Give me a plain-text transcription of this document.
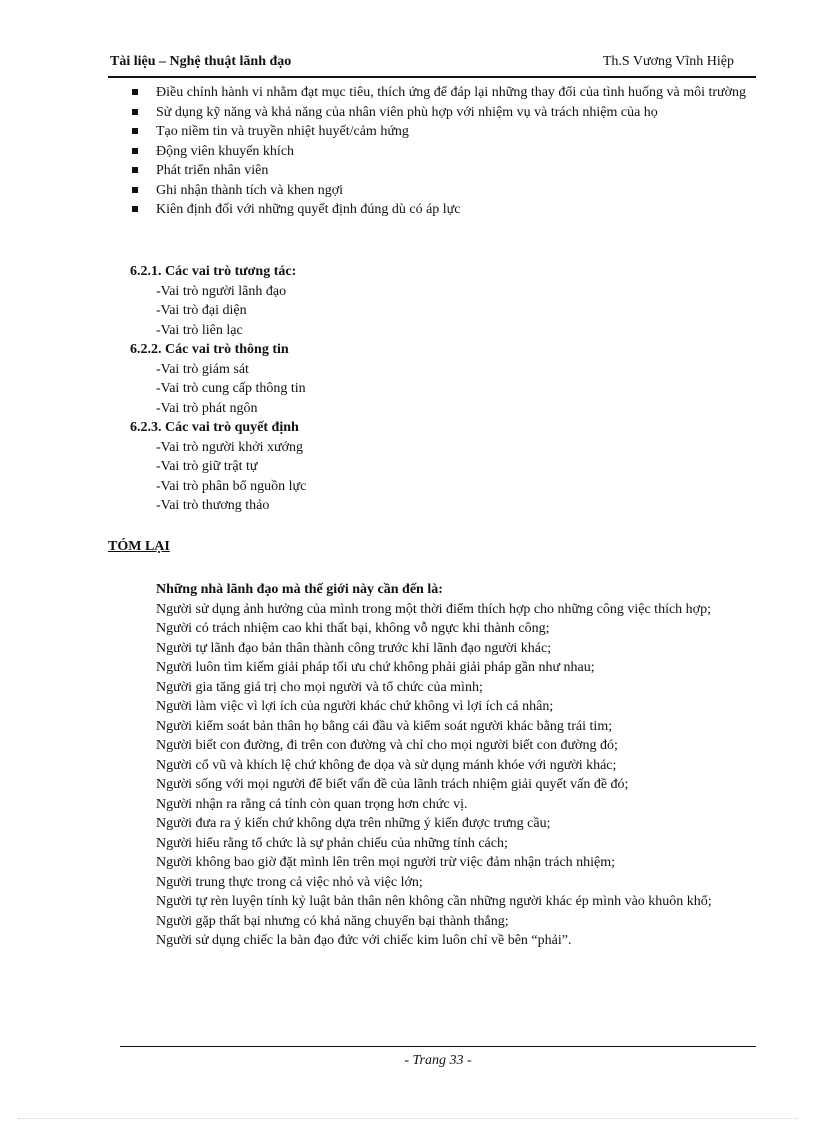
Tài liệu – Nghệ thuật lãnh đạo	Th.S Vương Vĩnh Hiệp
Điều chỉnh hành vi nhằm đạt mục tiêu, thích ứng để đáp lại những thay đổi của tình huống và môi trường
Sử dụng kỹ năng và khả năng của nhân viên phù hợp với nhiệm vụ và trách nhiệm của họ
Tạo niềm tin và truyền nhiệt huyết/cảm hứng
Động viên khuyến khích
Phát triển nhân viên
Ghi nhận thành tích và khen ngợi
Kiên định đối với những quyết định đúng dù có áp lực
6.2.1. Các vai trò tương tác:
-Vai trò người lãnh đạo
-Vai trò đại diện
-Vai trò liên lạc
6.2.2. Các vai trò thông tin
-Vai trò giám sát
-Vai trò cung cấp thông tin
-Vai trò phát ngôn
6.2.3. Các vai trò quyết định
-Vai trò người khởi xướng
-Vai trò giữ trật tự
-Vai trò phân bổ nguồn lực
-Vai trò thương thảo
TÓM LẠI
Những nhà lãnh đạo mà thế giới này cần đến là:

Người sử dụng ảnh hưởng của mình trong một thời điểm thích hợp cho những công việc thích hợp;

Người có trách nhiệm cao khi thất bại, không vỗ ngực khi thành công;

Người tự lãnh đạo bản thân thành công trước khi lãnh đạo người khác;

Người luôn tìm kiếm giải pháp tối ưu chứ không phải giải pháp gần như nhau;

Người gia tăng giá trị cho mọi người và tổ chức của mình;

Người làm việc vì lợi ích của người khác chứ không vì lợi ích cá nhân;

Người kiểm soát bản thân họ bằng cái đầu và kiểm soát người khác bằng trái tim;

Người biết con đường, đi trên con đường và chỉ cho mọi người biết con đường đó;

Người cổ vũ và khích lệ chứ không đe dọa và sử dụng mánh khóe với người khác;

Người sống với mọi người để biết vấn đề của lãnh trách nhiệm giải quyết vấn đề đó;

Người nhận ra rằng cá tính còn quan trọng hơn chức vị.

Người đưa ra ý kiến chứ không dựa trên những ý kiến được trưng cầu;

Người hiểu rằng tổ chức là sự phản chiếu của những tính cách;

Người không bao giờ đặt mình lên trên mọi người trừ việc đảm nhận trách nhiệm;

Người trung thực trong cả việc nhỏ và việc lớn;

Người tự rèn luyện tính kỷ luật bản thân nên không cần những người khác ép mình vào khuôn khổ;

Người gặp thất bại nhưng có khả năng chuyển bại thành thắng;

Người sử dụng chiếc la bàn đạo đức với chiếc kim luôn chỉ về bên “phải”.

- Trang 33 -
